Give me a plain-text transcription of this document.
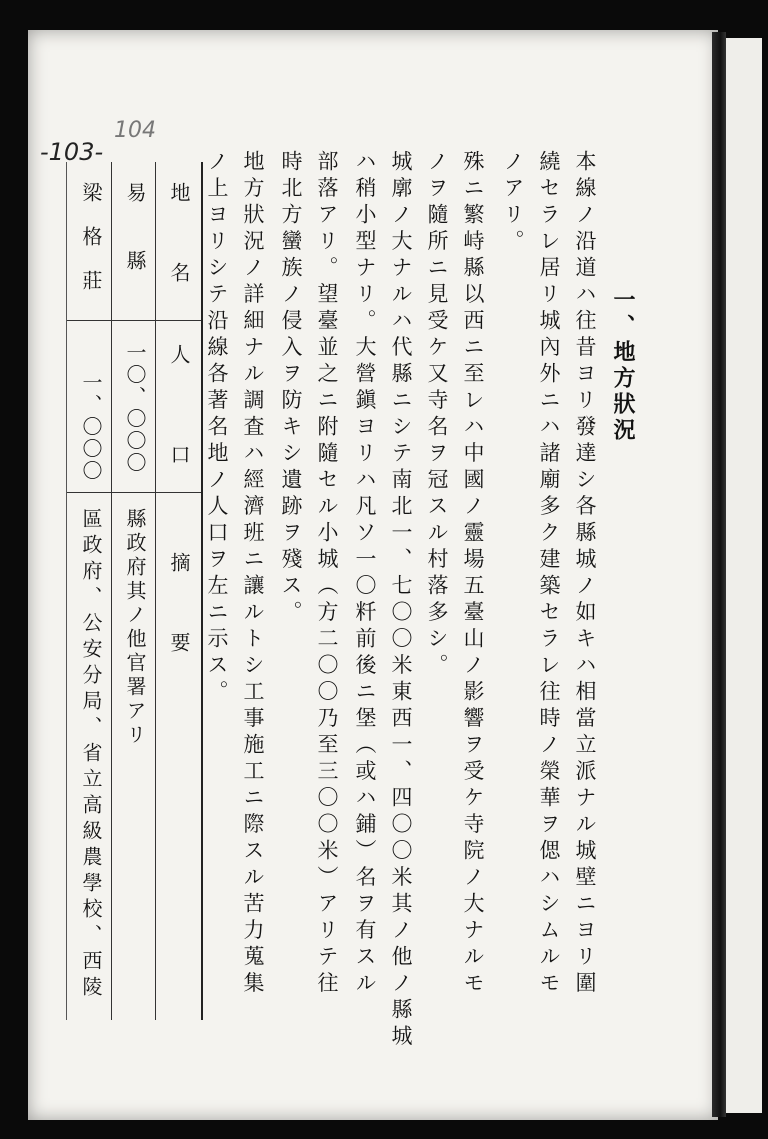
-103-
104
一、地方狀況
本線ノ沿道ハ往昔ヨリ發達シ各縣城ノ如キハ相當立派ナル城壁ニヨリ圍
繞セラレ居リ城內外ニハ諸廟多ク建築セラレ往時ノ榮華ヲ偲ハシムルモ
ノアリ。
殊ニ繁峙縣以西ニ至レハ中國ノ靈場五臺山ノ影響ヲ受ケ寺院ノ大ナルモ
ノヲ隨所ニ見受ケ又寺名ヲ冠スル村落多シ。
城廓ノ大ナルハ代縣ニシテ南北一、七〇〇米東西一、四〇〇米其ノ他ノ縣城
ハ稍小型ナリ。大營鎭ヨリハ凡ソ一〇粁前後ニ堡（或ハ鋪）名ヲ有スル
部落アリ。望臺並之ニ附隨セル小城（方二〇〇乃至三〇〇米）アリテ往
時北方蠻族ノ侵入ヲ防キシ遺跡ヲ殘ス。
地方狀況ノ詳細ナル調査ハ經濟班ニ讓ルトシ工事施工ニ際スル苦力蒐集
ノ上ヨリシテ沿線各著名地ノ人口ヲ左ニ示ス。
地名
人口
摘要
易縣
一〇、〇〇〇
縣政府其ノ他官署アリ
梁格莊
一、〇〇〇
區政府、公安分局、省立高級農學校、西陵
